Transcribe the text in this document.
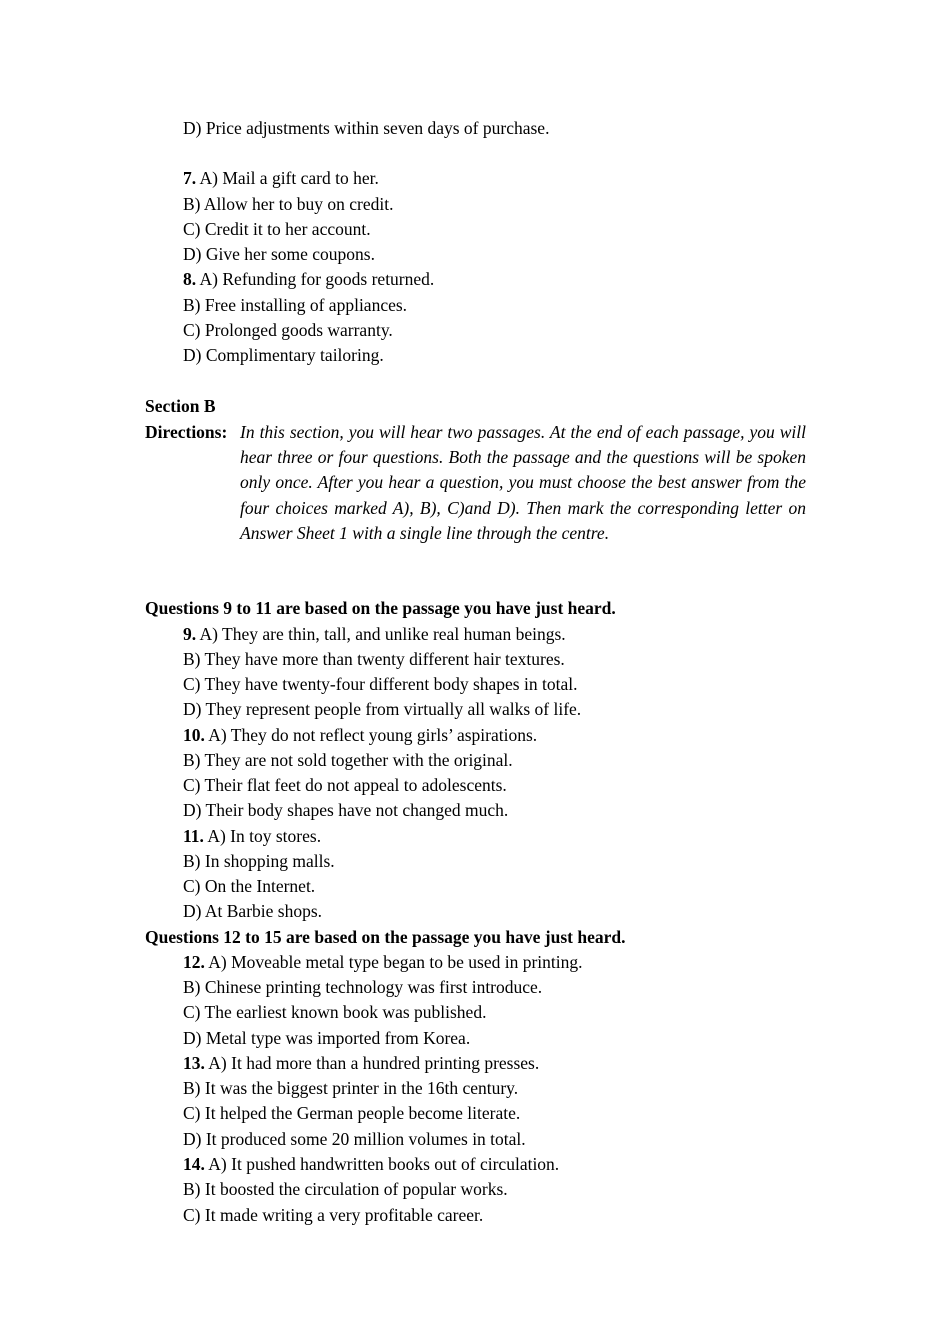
D) Price adjustments within seven days of purchase.
7. A) Mail a gift card to her.
B) Allow her to buy on credit.
C) Credit it to her account.
D) Give her some coupons.
8. A) Refunding for goods returned.
B) Free installing of appliances.
C) Prolonged goods warranty.
D) Complimentary tailoring.
Section B
Directions: In this section, you will hear two passages. At the end of each passage, you will hear three or four questions. Both the passage and the questions will be spoken only once. After you hear a question, you must choose the best answer from the four choices marked A), B), C)and D). Then mark the corresponding letter on Answer Sheet 1 with a single line through the centre.
Questions 9 to 11 are based on the passage you have just heard.
9. A) They are thin, tall, and unlike real human beings.
B) They have more than twenty different hair textures.
C) They have twenty-four different body shapes in total.
D) They represent people from virtually all walks of life.
10. A) They do not reflect young girls’ aspirations.
B) They are not sold together with the original.
C) Their flat feet do not appeal to adolescents.
D) Their body shapes have not changed much.
11. A) In toy stores.
B) In shopping malls.
C) On the Internet.
D) At Barbie shops.
Questions 12 to 15 are based on the passage you have just heard.
12. A) Moveable metal type began to be used in printing.
B) Chinese printing technology was first introduce.
C) The earliest known book was published.
D) Metal type was imported from Korea.
13. A) It had more than a hundred printing presses.
B) It was the biggest printer in the 16th century.
C) It helped the German people become literate.
D) It produced some 20 million volumes in total.
14. A) It pushed handwritten books out of circulation.
B) It boosted the circulation of popular works.
C) It made writing a very profitable career.
